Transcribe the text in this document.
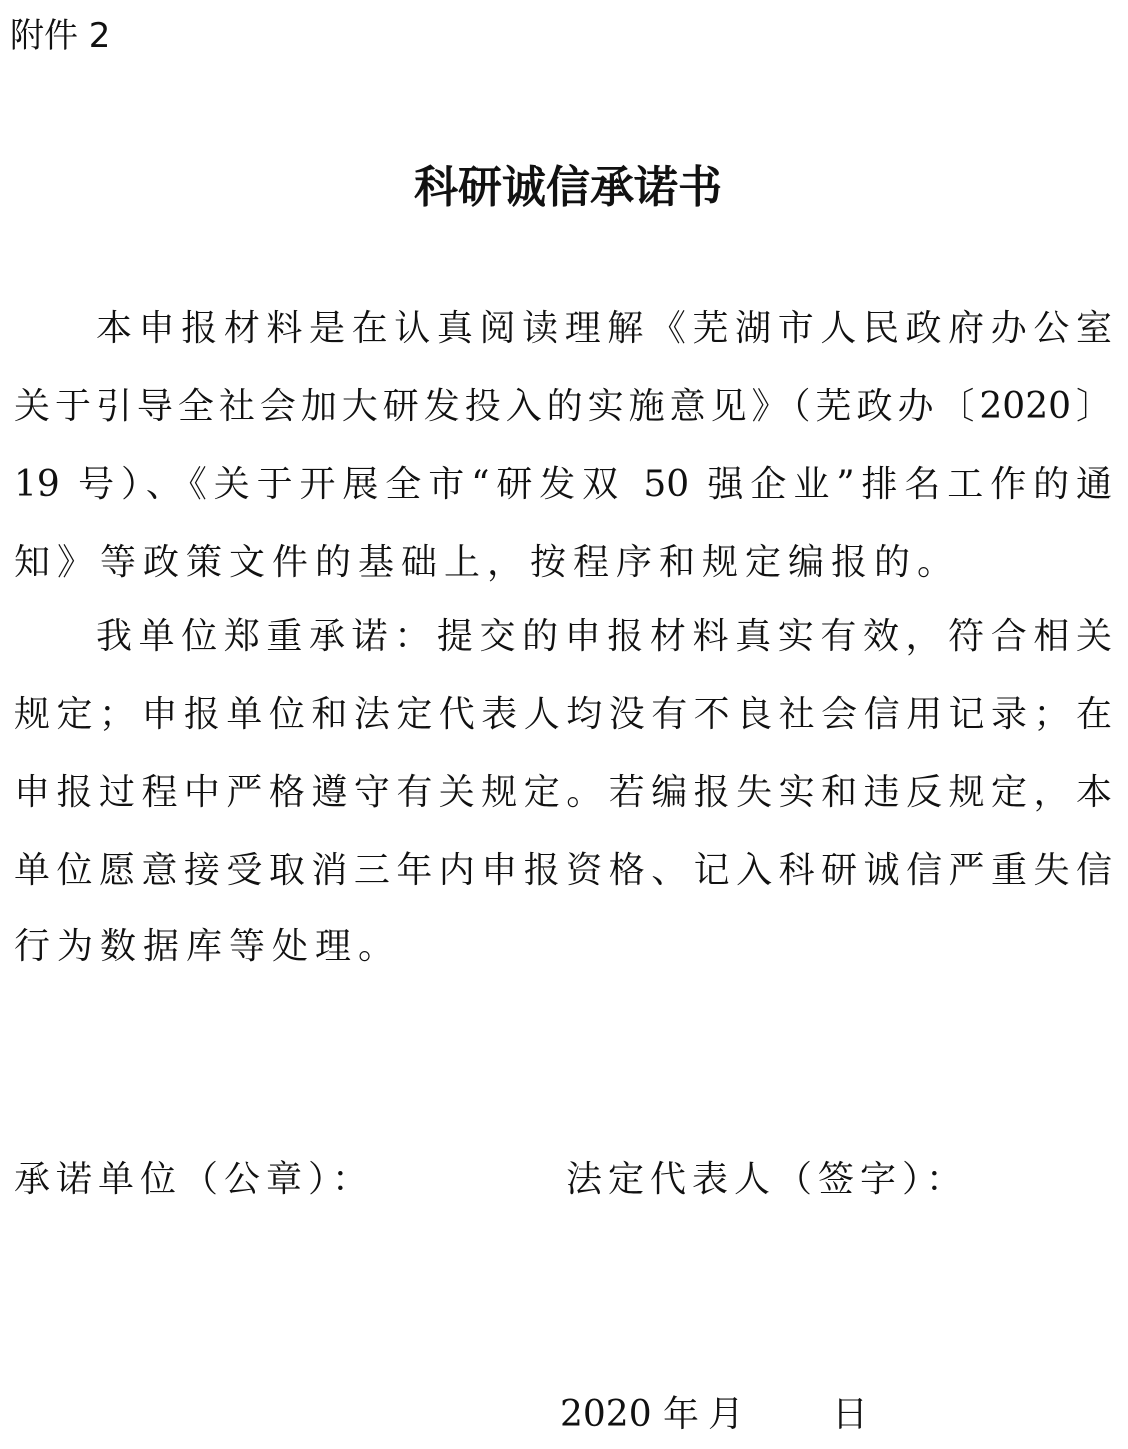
附件 2
科研诚信承诺书
本申报材料是在认真阅读理解《芜湖市人民政府办公室
关于引导全社会加大研发投入的实施意见》（芜政办〔2020〕
19 号）、《关于开展全市“研发双 50 强企业”排名工作的通
知》等政策文件的基础上，按程序和规定编报的。
我单位郑重承诺：提交的申报材料真实有效，符合相关
规定；申报单位和法定代表人均没有不良社会信用记录；在
申报过程中严格遵守有关规定。若编报失实和违反规定，本
单位愿意接受取消三年内申报资格、记入科研诚信严重失信
行为数据库等处理。
承诺单位（公章）：	法定代表人（签字）：
2020 年 月 日
